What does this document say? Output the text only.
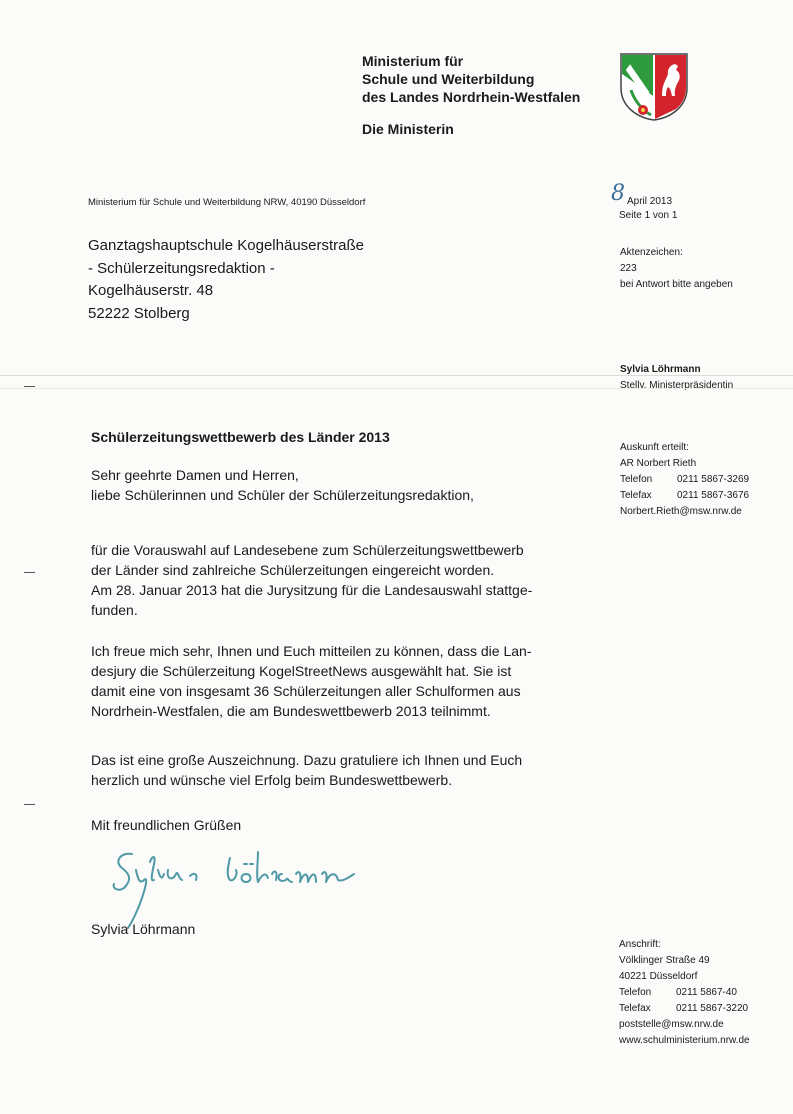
Ministerium für
Schule und Weiterbildung
des Landes Nordrhein-Westfalen
Die Ministerin
Ministerium für Schule und Weiterbildung NRW, 40190 Düsseldorf	8 April 2013
Seite 1 von 1
Aktenzeichen:
223
bei Antwort bitte angeben
Ganztagshauptschule Kogelhäuserstraße
- Schülerzeitungsredaktion -
Kogelhäuserstr. 48
52222 Stolberg
Sylvia Löhrmann
Stellv. Ministerpräsidentin
Auskunft erteilt:
AR Norbert Rieth
Telefon	0211 5867-3269
Telefax	0211 5867-3676
Norbert.Rieth@msw.nrw.de
Schülerzeitungswettbewerb des Länder 2013
Sehr geehrte Damen und Herren,
liebe Schülerinnen und Schüler der Schülerzeitungsredaktion,
für die Vorauswahl auf Landesebene zum Schülerzeitungswettbewerb
der Länder sind zahlreiche Schülerzeitungen eingereicht worden.
Am 28. Januar 2013 hat die Jurysitzung für die Landesauswahl stattge-
funden.
Ich freue mich sehr, Ihnen und Euch mitteilen zu können, dass die Lan-
desjury die Schülerzeitung KogelStreetNews ausgewählt hat. Sie ist
damit eine von insgesamt 36 Schülerzeitungen aller Schulformen aus
Nordrhein-Westfalen, die am Bundeswettbewerb 2013 teilnimmt.
Das ist eine große Auszeichnung. Dazu gratuliere ich Ihnen und Euch
herzlich und wünsche viel Erfolg beim Bundeswettbewerb.
Mit freundlichen Grüßen
Sylvia Löhrmann
Anschrift:
Völklinger Straße 49
40221 Düsseldorf
Telefon	0211 5867-40
Telefax	0211 5867-3220
poststelle@msw.nrw.de
www.schulministerium.nrw.de
